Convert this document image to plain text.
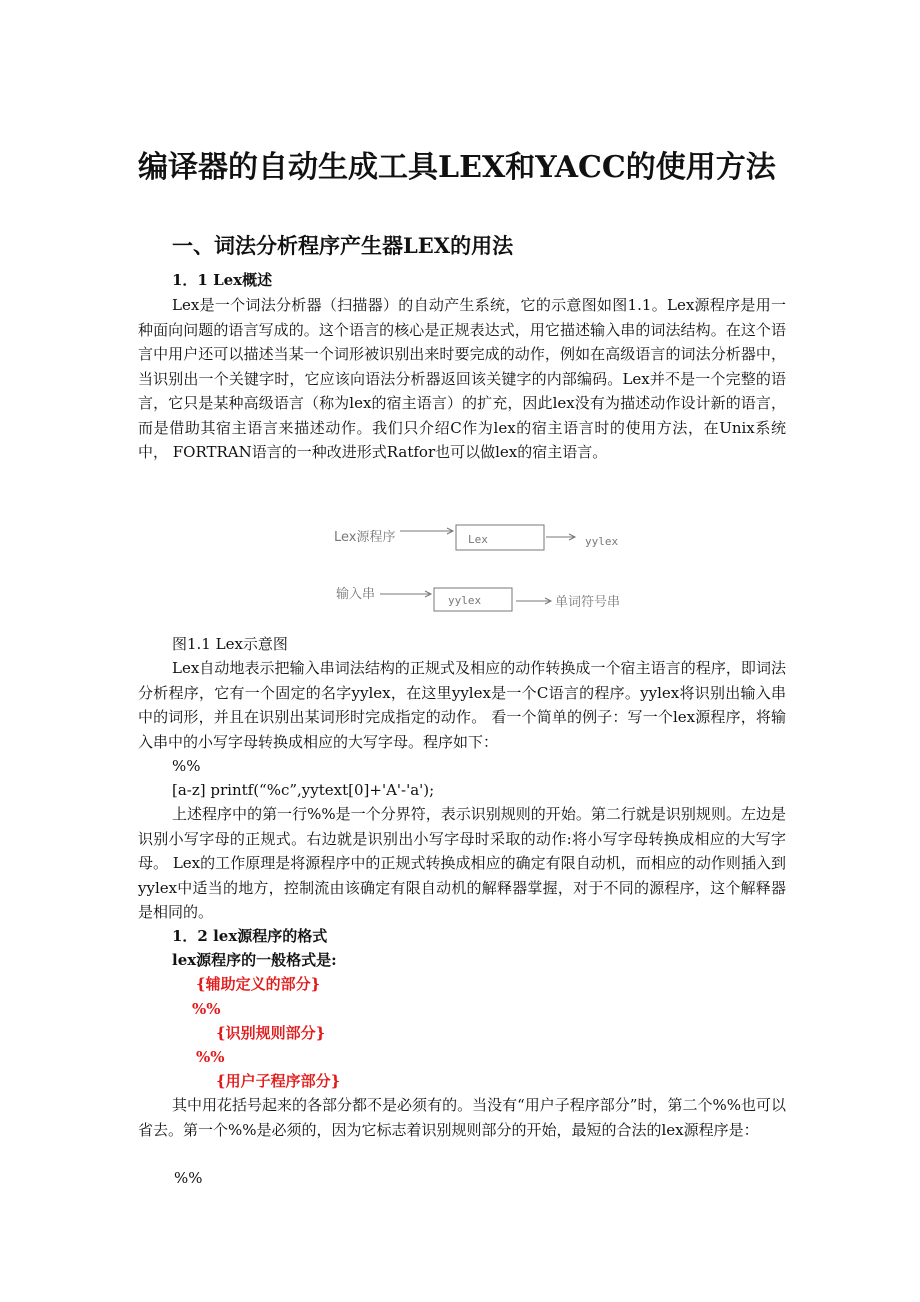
编译器的自动生成工具LEX和YACC的使用方法
一、词法分析程序产生器LEX的用法
1．1 Lex概述

Lex是一个词法分析器（扫描器）的自动产生系统，它的示意图如图1.1。Lex源程序是用一种面向问题的语言写成的。这个语言的核心是正规表达式，用它描述输入串的词法结构。在这个语言中用户还可以描述当某一个词形被识别出来时要完成的动作，例如在高级语言的词法分析器中，当识别出一个关键字时，它应该向语法分析器返回该关键字的内部编码。Lex并不是一个完整的语言，它只是某种高级语言（称为lex的宿主语言）的扩充，因此lex没有为描述动作设计新的语言，而是借助其宿主语言来描述动作。我们只介绍C作为lex的宿主语言时的使用方法，在Unix系统中， FORTRAN语言的一种改进形式Ratfor也可以做lex的宿主语言。

Lex源程序	Lex	yylex
输入串	yylex	单词符号串
图1.1 Lex示意图

Lex自动地表示把输入串词法结构的正规式及相应的动作转换成一个宿主语言的程序，即词法分析程序，它有一个固定的名字yylex，在这里yylex是一个C语言的程序。yylex将识别出输入串中的词形，并且在识别出某词形时完成指定的动作。 看一个简单的例子：写一个lex源程序，将输入串中的小写字母转换成相应的大写字母。程序如下：

%%
[a-z] printf(“%c”,yytext[0]+'A'-'a');

上述程序中的第一行%%是一个分界符，表示识别规则的开始。第二行就是识别规则。左边是识别小写字母的正规式。右边就是识别出小写字母时采取的动作:将小写字母转换成相应的大写字母。 Lex的工作原理是将源程序中的正规式转换成相应的确定有限自动机，而相应的动作则插入到yylex中适当的地方，控制流由该确定有限自动机的解释器掌握，对于不同的源程序，这个解释器是相同的。

1．2 lex源程序的格式
lex源程序的一般格式是:
{辅助定义的部分}
%%
{识别规则部分}
%%
{用户子程序部分}

其中用花括号起来的各部分都不是必须有的。当没有“用户子程序部分”时，第二个%%也可以省去。第一个%%是必须的，因为它标志着识别规则部分的开始，最短的合法的lex源程序是：

%%
